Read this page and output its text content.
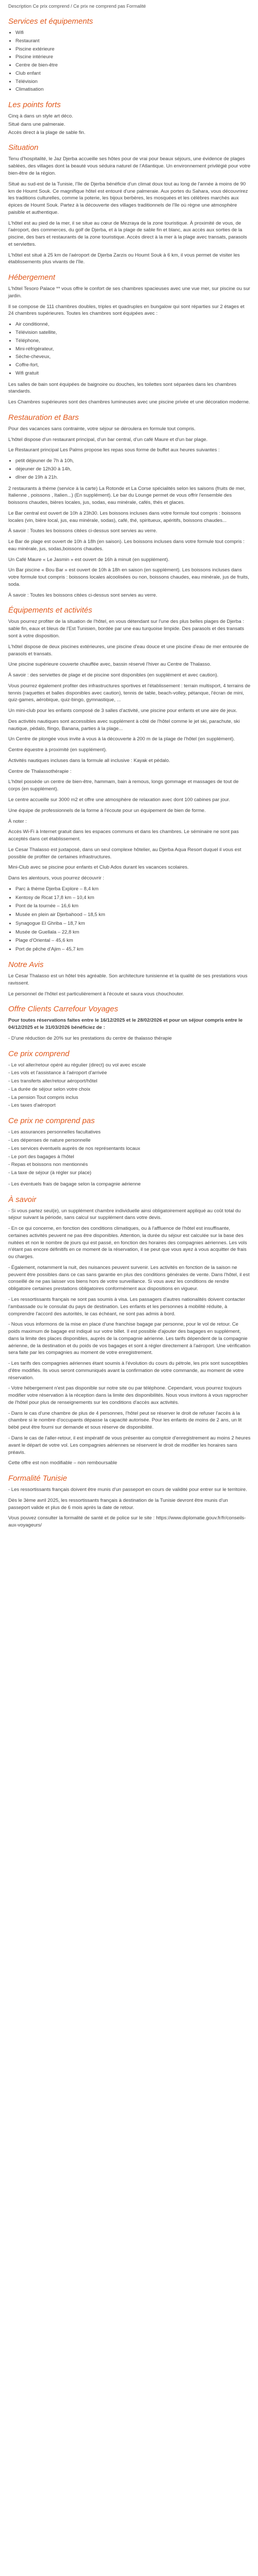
Description Ce prix comprend / Ce prix ne comprend pas Formalité
Services et équipements
• Wifi
• Restaurant
• Piscine extérieure
• Piscine intérieure
• Centre de bien-être
• Club enfant
• Télévision
• Climatisation
Les points forts
Cinq à dans un style art déco.
Situé dans une palmeraie.
Accès direct à la plage de sable fin.
Situation

Tenu d'hospitalité, le Jaz Djerba accueille ses hôtes pour de vrai pour beaux séjours, une évidence de plages sablées, des villages dont la beauté vous séduira naturel de l'Atlantique. Un environnement privilégié pour votre bien-être de la région.

Situé au sud-est de la Tunisie, l'île de Djerba bénéficie d'un climat doux tout au long de l'année à moins de 90 km de Houmt Souk. Ce magnifique hôtel est entouré d'une palmeraie. Aux portes du Sahara, vous découvrirez les traditions culturelles, comme la poterie, les bijoux berbères, les mosquées et les célèbres marchés aux épices de Houmt Souk. Partez à la découverte des villages traditionnels de l'île où règne une atmosphère paisible et authentique.

L'hôtel est au pied de la mer, il se situe au cœur de Mezraya de la zone touristique. À proximité de vous, de l'aéroport, des commerces, du golf de Djerba, et à la plage de sable fin et blanc, aux accès aux sorties de la piscine, des bars et restaurants de la zone touristique. Accès direct à la mer à la plage avec transats, parasols et serviettes.

L'hôtel est situé à 25 km de l'aéroport de Djerba Zarzis ou Houmt Souk à 6 km, il vous permet de visiter les établissements plus vivants de l'île.

Hébergement

L'hôtel Tesoro Palace ** vous offre le confort de ses chambres spacieuses avec une vue mer, sur piscine ou sur jardin.

Il se compose de 111 chambres doubles, triples et quadruples en bungalow qui sont réparties sur 2 étages et 24 chambres supérieures. Toutes les chambres sont équipées avec :

• Air conditionné,
• Télévision satellite,
• Téléphone,
• Mini-réfrigérateur,
• Sèche-cheveux,
• Coffre-fort,
• Wifi gratuit

Les salles de bain sont équipées de baignoire ou douches, les toilettes sont séparées dans les chambres standards.

Les Chambres supérieures sont des chambres lumineuses avec une piscine privée et une décoration moderne.

Restauration et Bars

Pour des vacances sans contrainte, votre séjour se déroulera en formule tout compris.

L'hôtel dispose d'un restaurant principal, d'un bar central, d'un café Maure et d'un bar plage.

Le Restaurant principal Les Palms propose les repas sous forme de buffet aux heures suivantes :

• petit déjeuner de 7h à 10h,
• déjeuner de 12h30 à 14h,
• dîner de 19h à 21h.

2 restaurants à thème (service à la carte) La Rotonde et La Corse spécialités selon les saisons (fruits de mer, Italienne , poissons , Italien...) (En supplément). Le bar du Lounge permet de vous offrir l'ensemble des boissons chaudes, bières locales, jus, sodas, eau minérale, cafés, thés et glaces.

Le Bar central est ouvert de 10h à 23h30. Les boissons incluses dans votre formule tout compris : boissons locales (vin, bière local, jus, eau minérale, sodas), café, thé, spiritueux, apéritifs, boissons chaudes...

À savoir : Toutes les boissons citées ci-dessus sont servies au verre.

Le Bar de plage est ouvert de 10h à 18h (en saison). Les boissons incluses dans votre formule tout compris : eau minérale, jus, sodas,boissons chaudes.

Un Café Maure « Le Jasmin » est ouvert de 16h à minuit (en supplément).

Un Bar piscine « Bou Bar » est ouvert de 10h à 18h en saison (en supplément). Les boissons incluses dans votre formule tout compris : boissons locales alcoolisées ou non, boissons chaudes, eau minérale, jus de fruits, soda.

À savoir : Toutes les boissons citées ci-dessus sont servies au verre.

Équipements et activités

Vous pourrez profiter de la situation de l'hôtel, en vous détendant sur l'une des plus belles plages de Djerba : sable fin, eaux et bleus de l'Est Tunisien, bordée par une eau turquoise limpide. Des parasols et des transats sont à votre disposition.

L'hôtel dispose de deux piscines extérieures, une piscine d'eau douce et une piscine d'eau de mer entourée de parasols et transats.

Une piscine supérieure couverte chauffée avec, bassin réservé l'hiver au Centre de Thalasso.

À savoir : des serviettes de plage et de piscine sont disponibles (en supplément et avec caution).

Vous pourrez également profiter des infrastructures sportives et l'établissement : terrain multisport, 4 terrains de tennis (raquettes et balles disponibles avec caution), tennis de table, beach-volley, pétanque, l'écran de mini, quiz-games, aérobique, quiz-bingo, gymnastique, ...

Un mini-club pour les enfants composé de 3 salles d'activité, une piscine pour enfants et une aire de jeux.

Des activités nautiques sont accessibles avec supplément à côté de l'hôtel comme le jet ski, parachute, ski nautique, pédalo, flingo, Banana, parties à la plage...

Un Centre de plongée vous invite à vous à la découverte à 200 m de la plage de l'hôtel (en supplément).

Centre équestre à proximité (en supplément).

Activités nautiques incluses dans la formule all inclusive : Kayak et pédalo.

Centre de Thalassothérapie :

L'hôtel possède un centre de bien-être, hammam, bain à remous, longs gommage et massages de tout de corps (en supplément).

Le centre accueille sur 3000 m2 et offre une atmosphère de relaxation avec dont 100 cabines par jour.

Une équipe de professionnels de la forme à l'écoute pour un équipement de bien de forme.

À noter :

Accès Wi-Fi à Internet gratuit dans les espaces communs et dans les chambres. Le séminaire ne sont pas acceptés dans cet établissement.

Le Cesar Thalasso est juxtaposé, dans un seul complexe hôtelier, au Djerba Aqua Resort duquel il vous est possible de profiter de certaines infrastructures.

Mini-Club avec se piscine pour enfants et Club Ados durant les vacances scolaires.

Dans les alentours, vous pourrez découvrir :

• Parc à thème Djerba Explore – 8,4 km
• Kentosy de Ricat 17,8 km – 10,4 km
• Pont de la tournée – 16,6 km
• Musée en plein air Djerbahood – 18,5 km
• Synagogue El Ghriba – 18,7 km
• Musée de Guellala – 22,8 km
• Plage d'Oriental – 45,6 km
• Port de pêche d'Ajim – 45,7 km
Notre Avis

Le Cesar Thalasso est un hôtel très agréable. Son architecture tunisienne et la qualité de ses prestations vous ravissent.

Le personnel de l'hôtel est particulièrement à l'écoute et saura vous chouchouter.

Offre Clients Carrefour Voyages

Pour toutes réservations faites entre le 16/12/2025 et le 28/02/2026 et pour un séjour compris entre le 04/12/2025 et le 31/03/2026 bénéficiez de :

- D'une réduction de 20% sur les prestations du centre de thalasso thérapie

Ce prix comprend
- Le vol aller/retour opéré au régulier (direct) ou vol avec escale
- Les vols et l'assistance à l'aéroport d'arrivée
- Les transferts aller/retour aéroport/hôtel
- La durée de séjour selon votre choix
- La pension Tout compris inclus
- Les taxes d'aéroport
Ce prix ne comprend pas
- Les assurances personnelles facultatives
- Les dépenses de nature personnelle
- Les services éventuels auprès de nos représentants locaux
- Le port des bagages à l'hôtel
- Repas et boissons non mentionnés
- La taxe de séjour (à régler sur place)
- Les éventuels frais de bagage selon la compagnie aérienne
À savoir

- Si vous partez seul(e), un supplément chambre individuelle ainsi obligatoirement appliqué au coût total du séjour suivant la période, sans calcul sur supplément dans votre devis.

- En ce qui concerne, en fonction des conditions climatiques, ou à l'affluence de l'hôtel est insuffisante, certaines activités peuvent ne pas être disponibles. Attention, la durée du séjour est calculée sur la base des nuitées et non le nombre de jours qui est passé, en fonction des horaires des compagnies aériennes. Les vols n'étant pas encore définitifs en ce moment de la réservation, il se peut que vous ayez à vous acquitter de frais ou charges.

- Également, notamment la nuit, des nuisances peuvent survenir. Les activités en fonction de la saison ne peuvent être possibles dans ce cas sans garantie en plus des conditions générales de vente. Dans l'hôtel, il est conseillé de ne pas laisser vos biens hors de votre surveillance. Si vous avez les conditions de rendre obligatoire certaines prestations obligatoires conformément aux dispositions en vigueur.

- Les ressortissants français ne sont pas soumis à visa. Les passagers d'autres nationalités doivent contacter l'ambassade ou le consulat du pays de destination. Les enfants et les personnes à mobilité réduite, à comprendre l'accord des autorités, le cas échéant, ne sont pas admis à bord.

- Nous vous informons de la mise en place d'une franchise bagage par personne, pour le vol de retour. Ce poids maximum de bagage est indiqué sur votre billet. Il est possible d'ajouter des bagages en supplément, dans la limite des places disponibles, auprès de la compagnie aérienne. Les tarifs dépendent de la compagnie aérienne, de la destination et du poids de vos bagages et sont à régler directement à l'aéroport. Une vérification sera faite par les compagnies au moment de votre enregistrement.

- Les tarifs des compagnies aériennes étant soumis à l'évolution du cours du pétrole, les prix sont susceptibles d'être modifiés. Ils vous seront communiqués avant la confirmation de votre commande, au moment de votre réservation.

- Votre hébergement n'est pas disponible sur notre site ou par téléphone. Cependant, vous pourrez toujours modifier votre réservation à la réception dans la limite des disponibilités. Nous vous invitons à vous rapprocher de l'hôtel pour plus de renseignements sur les conditions d'accès aux activités.

- Dans le cas d'une chambre de plus de 4 personnes, l'hôtel peut se réserver le droit de refuser l'accès à la chambre si le nombre d'occupants dépasse la capacité autorisée. Pour les enfants de moins de 2 ans, un lit bébé peut être fourni sur demande et sous réserve de disponibilité.

- Dans le cas de l'aller-retour, il est impératif de vous présenter au comptoir d'enregistrement au moins 2 heures avant le départ de votre vol. Les compagnies aériennes se réservent le droit de modifier les horaires sans préavis.

Cette offre est non modifiable – non remboursable

Formalité Tunisie

- Les ressortissants français doivent être munis d'un passeport en cours de validité pour entrer sur le territoire.

Dès le 3ème avril 2025, les ressortissants français à destination de la Tunisie devront être munis d'un passeport valide et plus de 6 mois après la date de retour.

Vous pouvez consulter la formalité de santé et de police sur le site : https://www.diplomatie.gouv.fr/fr/conseils-aux-voyageurs/
